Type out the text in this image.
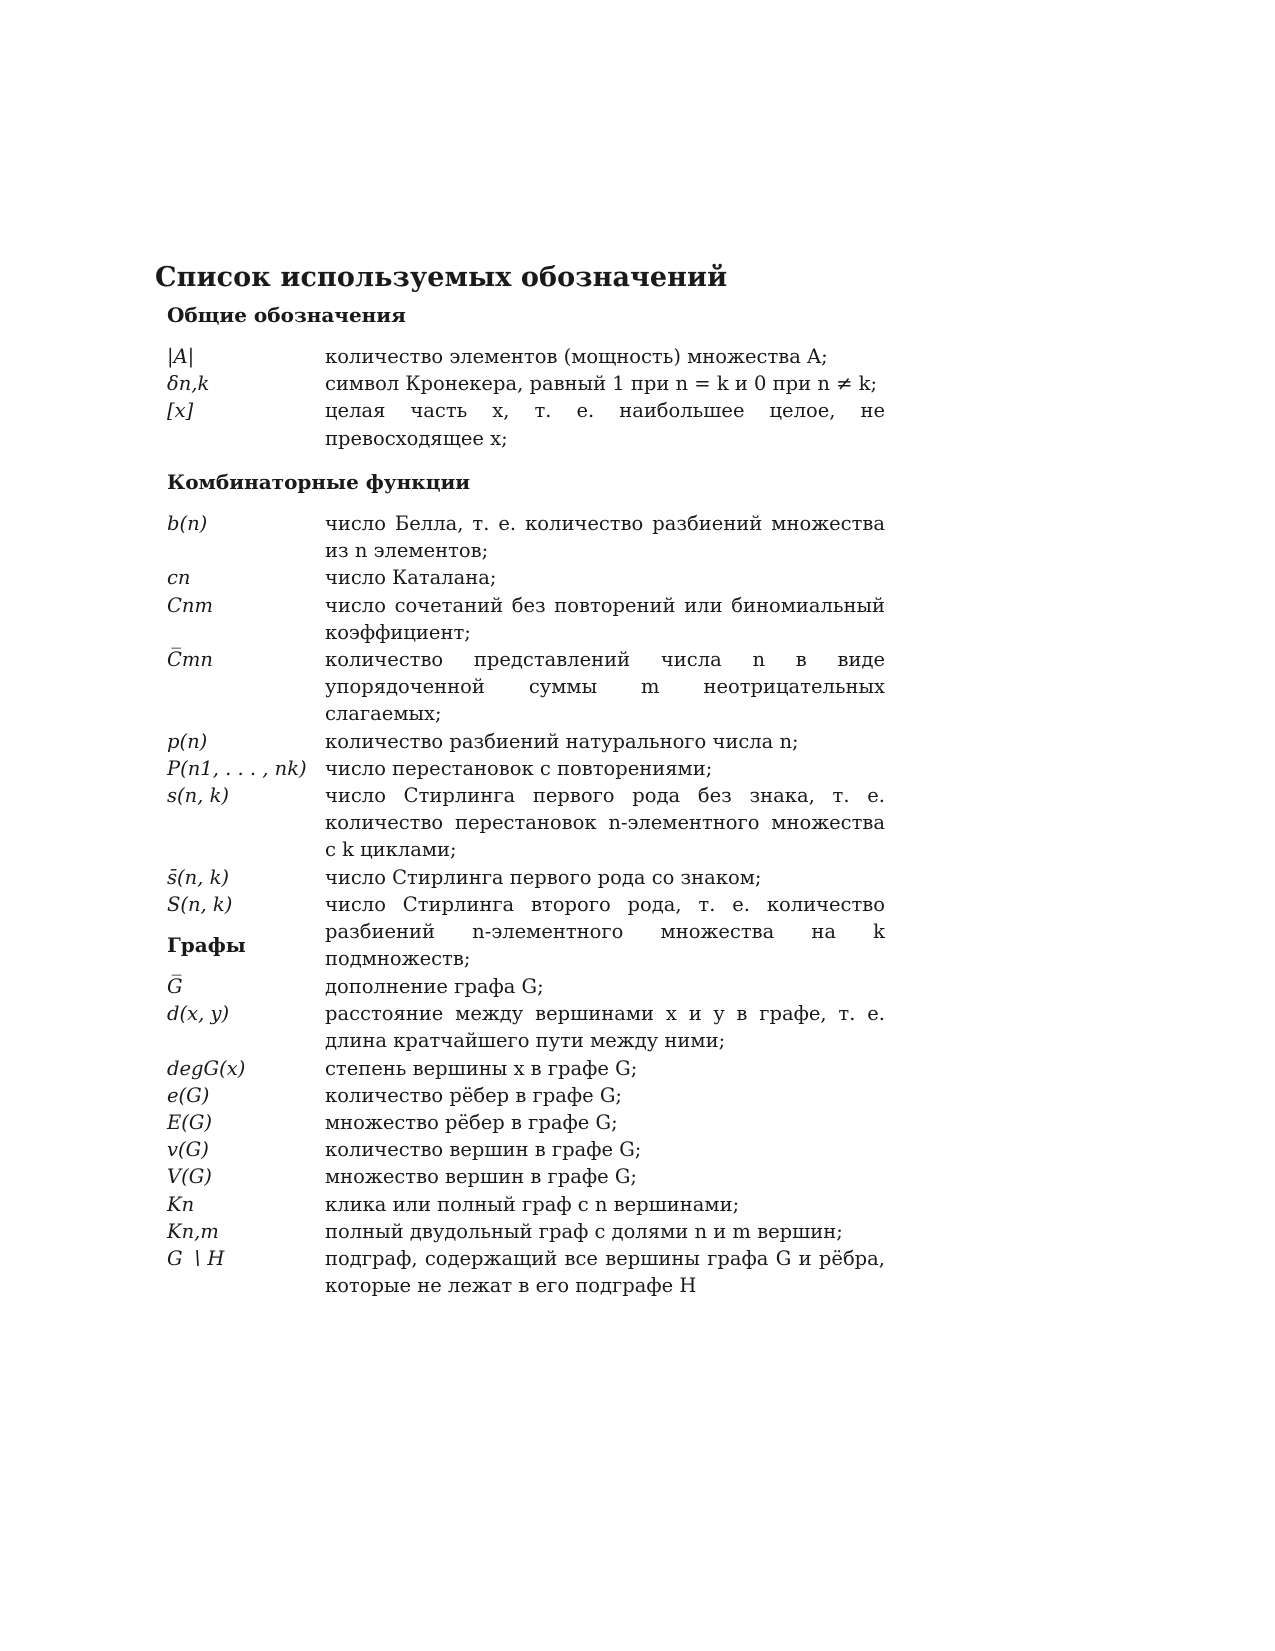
Список используемых обозначений
Общие обозначения
|A|	количество элементов (мощность) множества A;
δn,k	символ Кронекера, равный 1 при n = k и 0 при n ≠ k;
[x]	целая часть x, т. е. наибольшее целое, не превосходящее x;
Комбинаторные функции
b(n)	число Белла, т. е. количество разбиений множества из n элементов;
cn	число Каталана;
Cnm	число сочетаний без повторений или биномиальный коэффициент;
C̅mn	количество представлений числа n в виде упорядоченной суммы m неотрицательных слагаемых;
p(n)	количество разбиений натурального числа n;
P(n1, . . . , nk) число перестановок с повторениями;
s(n, k)	число Стирлинга первого рода без знака, т. е. количество перестановок n-элементного множества с k циклами;
s̄(n, k)	число Стирлинга первого рода со знаком;
S(n, k)	число Стирлинга второго рода, т. е. количество разбиений n-элементного множества на k подмножеств;
Графы
G̅	дополнение графа G;
d(x, y)	расстояние между вершинами x и y в графе, т. е. длина кратчайшего пути между ними;
degG(x)	степень вершины x в графе G;
e(G)	количество рёбер в графе G;
E(G)	множество рёбер в графе G;
v(G)	количество вершин в графе G;
V(G)	множество вершин в графе G;
Kn	клика или полный граф с n вершинами;
Kn,m	полный двудольный граф с долями n и m вершин;
G ∖ H	подграф, содержащий все вершины графа G и рёбра, которые не лежат в его подграфе H
